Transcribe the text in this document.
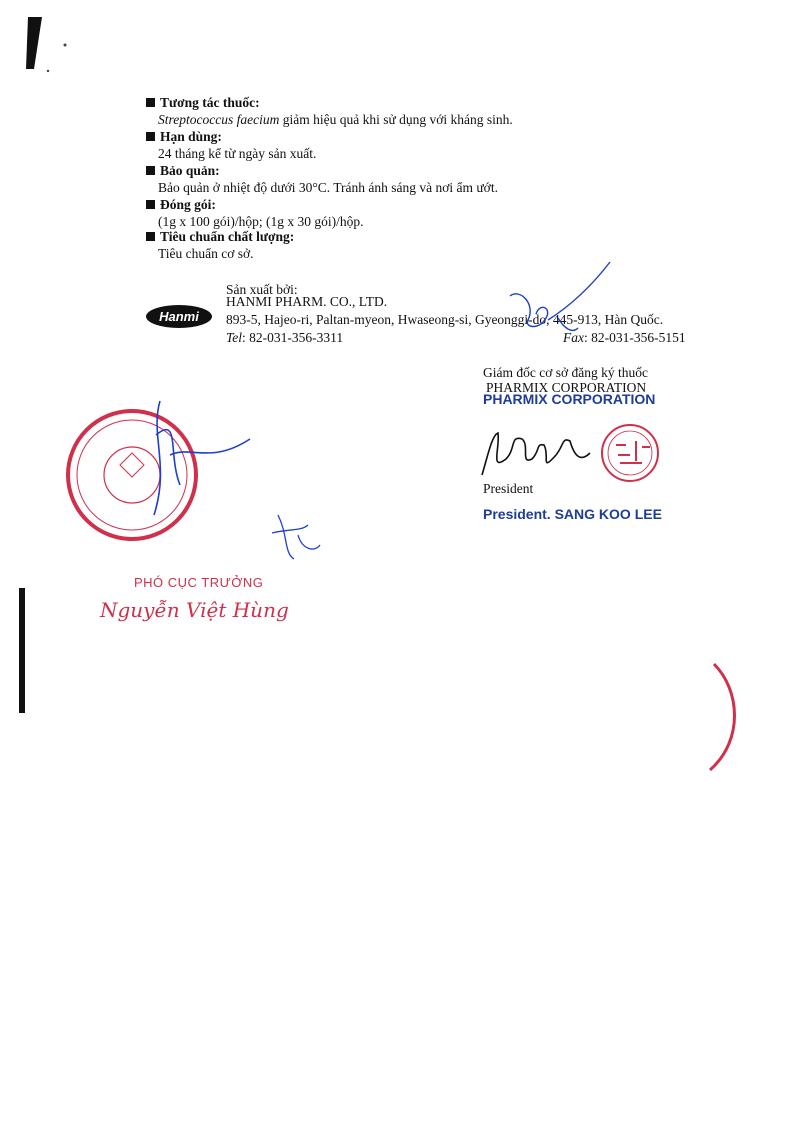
Tương tác thuốc:
Streptococcus faecium giảm hiệu quả khi sử dụng với kháng sinh.
Hạn dùng:
24 tháng kể từ ngày sản xuất.
Bảo quản:
Bảo quản ở nhiệt độ dưới 30°C. Tránh ánh sáng và nơi ẩm ướt.
Đóng gói:
(1g x 100 gói)/hộp; (1g x 30 gói)/hộp.
Tiêu chuẩn chất lượng:
Tiêu chuẩn cơ sở.
Hanmi
Sản xuất bởi:
HANMI PHARM. CO., LTD.
893-5, Hajeo-ri, Paltan-myeon, Hwaseong-si, Gyeonggi-do, 445-913, Hàn Quốc.
Tel: 82-031-356-3311	Fax: 82-031-356-5151
Giám đốc cơ sở đăng ký thuốc
PHARMIX CORPORATION
PHARMIX CORPORATION
President
President. SANG KOO LEE
PHÓ CỤC TRƯỞNG
Nguyễn Việt Hùng
